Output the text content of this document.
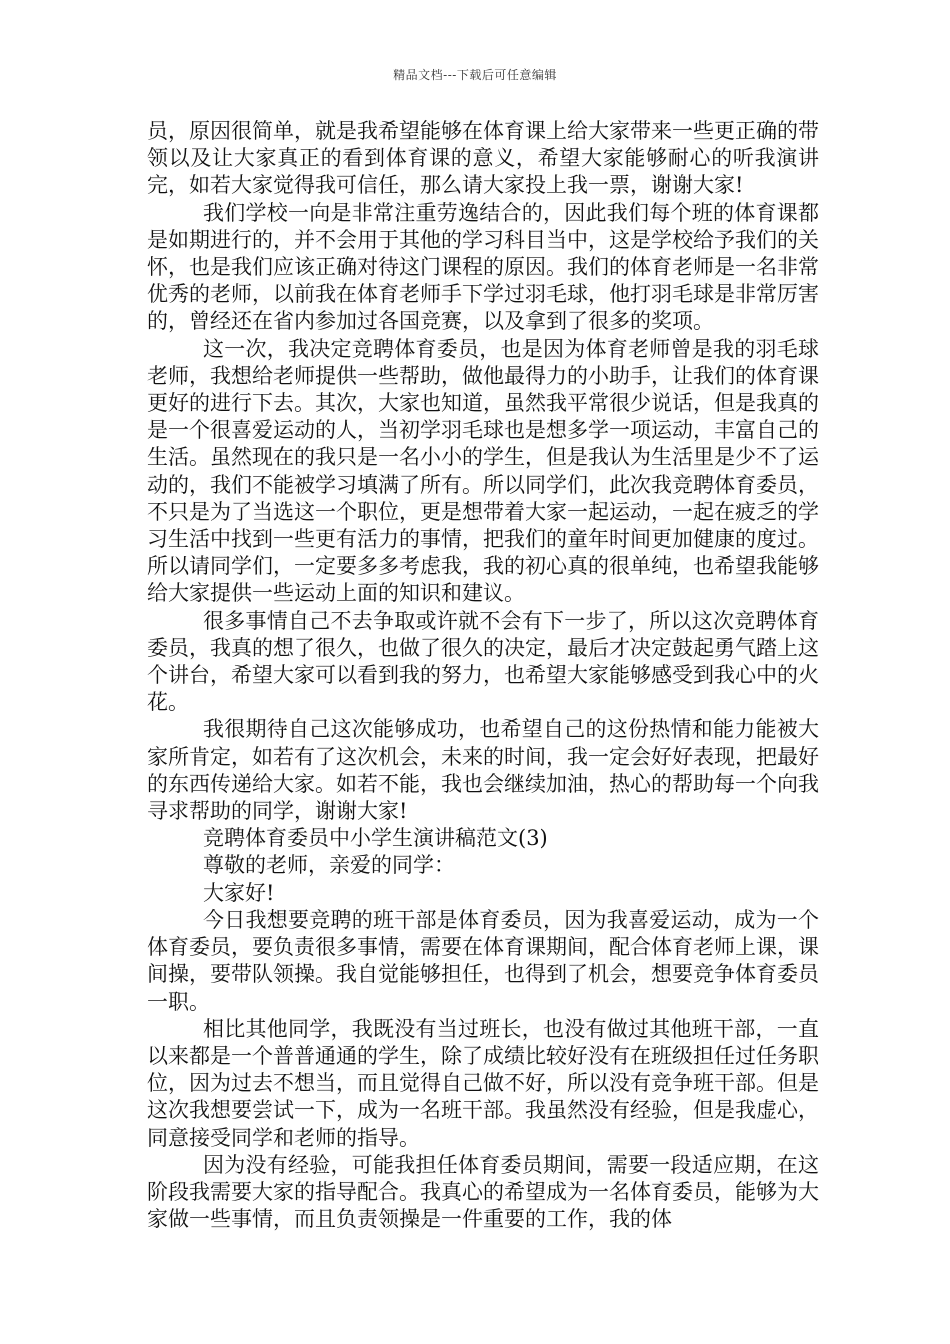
精品文档---下载后可任意编辑

员，原因很简单，就是我希望能够在体育课上给大家带来一些更正确的带领以及让大家真正的看到体育课的意义，希望大家能够耐心的听我演讲完，如若大家觉得我可信任，那么请大家投上我一票，谢谢大家!

我们学校一向是非常注重劳逸结合的，因此我们每个班的体育课都是如期进行的，并不会用于其他的学习科目当中，这是学校给予我们的关怀，也是我们应该正确对待这门课程的原因。我们的体育老师是一名非常优秀的老师，以前我在体育老师手下学过羽毛球，他打羽毛球是非常厉害的，曾经还在省内参加过各国竞赛，以及拿到了很多的奖项。

这一次，我决定竞聘体育委员，也是因为体育老师曾是我的羽毛球老师，我想给老师提供一些帮助，做他最得力的小助手，让我们的体育课更好的进行下去。其次，大家也知道，虽然我平常很少说话，但是我真的是一个很喜爱运动的人，当初学羽毛球也是想多学一项运动，丰富自己的生活。虽然现在的我只是一名小小的学生，但是我认为生活里是少不了运动的，我们不能被学习填满了所有。所以同学们，此次我竞聘体育委员，不只是为了当选这一个职位，更是想带着大家一起运动，一起在疲乏的学习生活中找到一些更有活力的事情，把我们的童年时间更加健康的度过。所以请同学们，一定要多多考虑我，我的初心真的很单纯，也希望我能够给大家提供一些运动上面的知识和建议。

很多事情自己不去争取或许就不会有下一步了，所以这次竞聘体育委员，我真的想了很久，也做了很久的决定，最后才决定鼓起勇气踏上这个讲台，希望大家可以看到我的努力，也希望大家能够感受到我心中的火花。

我很期待自己这次能够成功，也希望自己的这份热情和能力能被大家所肯定，如若有了这次机会，未来的时间，我一定会好好表现，把最好的东西传递给大家。如若不能，我也会继续加油，热心的帮助每一个向我寻求帮助的同学，谢谢大家!

竞聘体育委员中小学生演讲稿范文(3)

尊敬的老师，亲爱的同学：

大家好!

今日我想要竞聘的班干部是体育委员，因为我喜爱运动，成为一个体育委员，要负责很多事情，需要在体育课期间，配合体育老师上课，课间操，要带队领操。我自觉能够担任，也得到了机会，想要竞争体育委员一职。

相比其他同学，我既没有当过班长，也没有做过其他班干部，一直以来都是一个普普通通的学生，除了成绩比较好没有在班级担任过任务职位，因为过去不想当，而且觉得自己做不好，所以没有竞争班干部。但是这次我想要尝试一下，成为一名班干部。我虽然没有经验，但是我虚心，同意接受同学和老师的指导。

因为没有经验，可能我担任体育委员期间，需要一段适应期，在这阶段我需要大家的指导配合。我真心的希望成为一名体育委员，能够为大家做一些事情，而且负责领操是一件重要的工作，我的体
